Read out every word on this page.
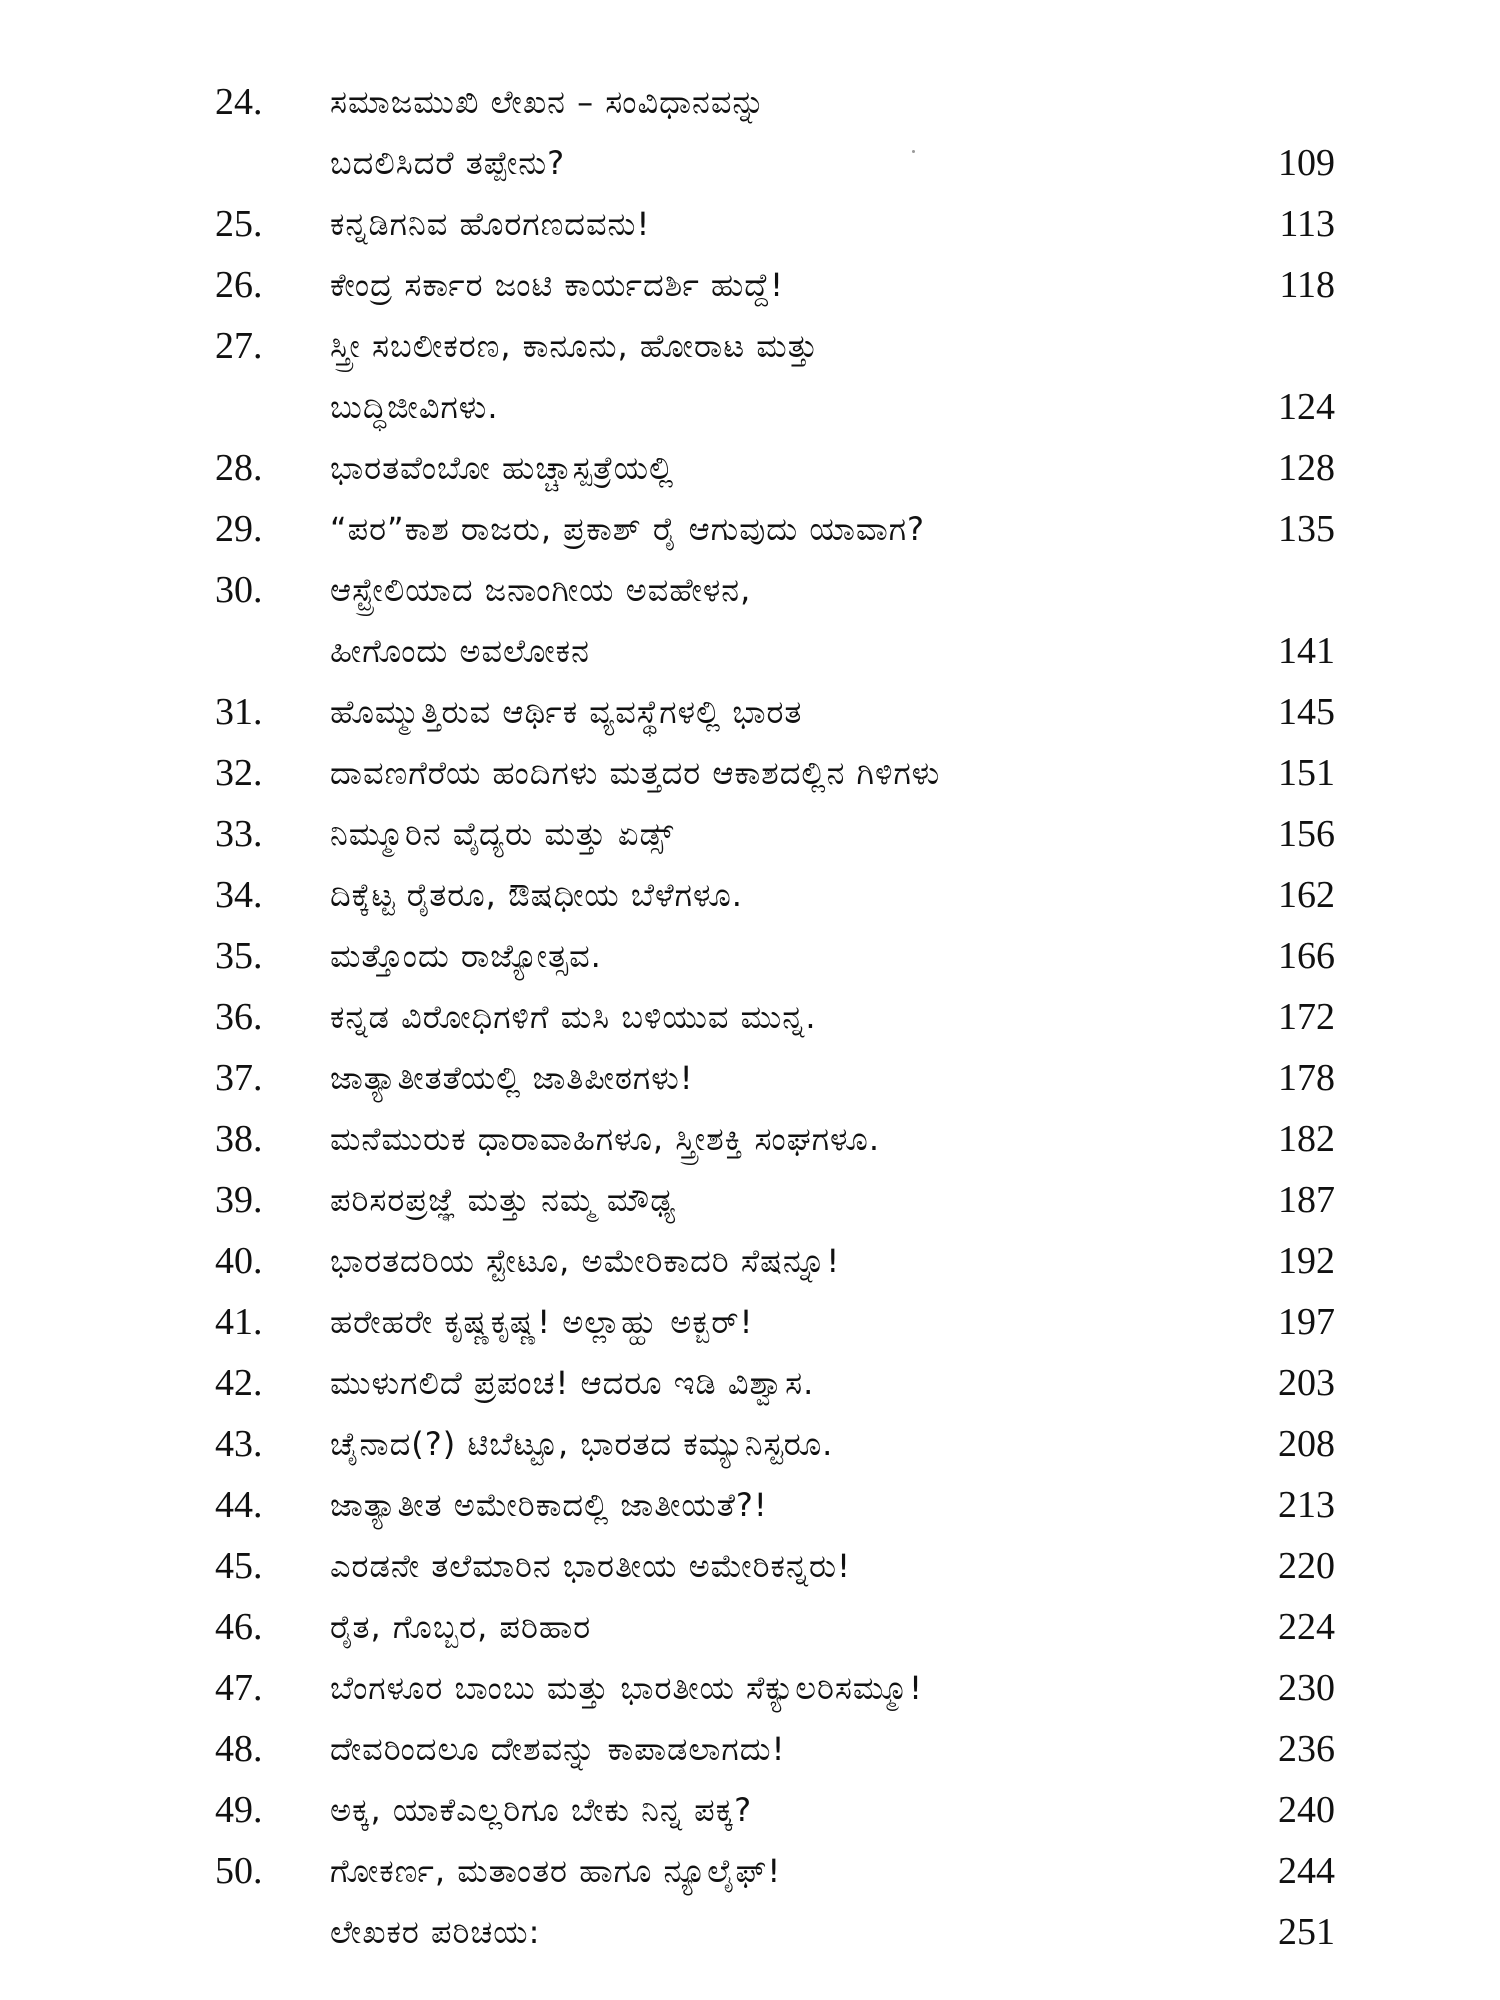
24.	ಸಮಾಜಮುಖಿ ಲೇಖನ – ಸಂವಿಧಾನವನ್ನು
ಬದಲಿಸಿದರೆ ತಪ್ಪೇನು?	109
25.	ಕನ್ನಡಿಗನಿವ ಹೊರಗಣದವನು!	113
26.	ಕೇಂದ್ರ ಸರ್ಕಾರ ಜಂಟಿ ಕಾರ್ಯದರ್ಶಿ ಹುದ್ದೆ!	118
27.	ಸ್ತ್ರೀ ಸಬಲೀಕರಣ, ಕಾನೂನು, ಹೋರಾಟ ಮತ್ತು
ಬುದ್ಧಿಜೀವಿಗಳು.	124
28.	ಭಾರತವೆಂಬೋ ಹುಚ್ಚಾಸ್ಪತ್ರೆಯಲ್ಲಿ	128
29.	“ಪರ”ಕಾಶ ರಾಜರು, ಪ್ರಕಾಶ್ ರೈ ಆಗುವುದು ಯಾವಾಗ?	135
30.	ಆಸ್ಟ್ರೇಲಿಯಾದ ಜನಾಂಗೀಯ ಅವಹೇಳನ,
ಹೀಗೊಂದು ಅವಲೋಕನ	141
31.	ಹೊಮ್ಮುತ್ತಿರುವ ಆರ್ಥಿಕ ವ್ಯವಸ್ಥೆಗಳಲ್ಲಿ ಭಾರತ	145
32.	ದಾವಣಗೆರೆಯ ಹಂದಿಗಳು ಮತ್ತದರ ಆಕಾಶದಲ್ಲಿನ ಗಿಳಿಗಳು	151
33.	ನಿಮ್ಮೂರಿನ ವೈದ್ಯರು ಮತ್ತು ಏಡ್ಸ್	156
34.	ದಿಕ್ಕೆಟ್ಟ ರೈತರೂ, ಔಷಧೀಯ ಬೆಳೆಗಳೂ.	162
35.	ಮತ್ತೊಂದು ರಾಜ್ಯೋತ್ಸವ.	166
36.	ಕನ್ನಡ ವಿರೋಧಿಗಳಿಗೆ ಮಸಿ ಬಳಿಯುವ ಮುನ್ನ.	172
37.	ಜಾತ್ಯಾತೀತತೆಯಲ್ಲಿ ಜಾತಿಪೀಠಗಳು!	178
38.	ಮನೆಮುರುಕ ಧಾರಾವಾಹಿಗಳೂ, ಸ್ತ್ರೀಶಕ್ತಿ ಸಂಘಗಳೂ.	182
39.	ಪರಿಸರಪ್ರಜ್ಞೆ ಮತ್ತು ನಮ್ಮ ಮೌಢ್ಯ	187
40.	ಭಾರತದರಿಯ ಸ್ಟೇಟೂ, ಅಮೇರಿಕಾದರಿ ಸೆಷನ್ನೂ!	192
41.	ಹರೇಹರೇ ಕೃಷ್ಣಕೃಷ್ಣ! ಅಲ್ಲಾಹ್ಹು ಅಕ್ಬರ್!	197
42.	ಮುಳುಗಲಿದೆ ಪ್ರಪಂಚ! ಆದರೂ ಇಡಿ ವಿಶ್ವಾಸ.	203
43.	ಚೈನಾದ(?) ಟಿಬೆಟ್ಟೂ, ಭಾರತದ ಕಮ್ಯುನಿಸ್ಟರೂ.	208
44.	ಜಾತ್ಯಾತೀತ ಅಮೇರಿಕಾದಲ್ಲಿ ಜಾತೀಯತೆ?!	213
45.	ಎರಡನೇ ತಲೆಮಾರಿನ ಭಾರತೀಯ ಅಮೇರಿಕನ್ನರು!	220
46.	ರೈತ, ಗೊಬ್ಬರ, ಪರಿಹಾರ	224
47.	ಬೆಂಗಳೂರ ಬಾಂಬು ಮತ್ತು ಭಾರತೀಯ ಸೆಕ್ಯುಲರಿಸಮ್ಮೂ!	230
48.	ದೇವರಿಂದಲೂ ದೇಶವನ್ನು ಕಾಪಾಡಲಾಗದು!	236
49.	ಅಕ್ಕ, ಯಾಕೆಎಲ್ಲರಿಗೂ ಬೇಕು ನಿನ್ನ ಪಕ್ಕ?	240
50.	ಗೋಕರ್ಣ, ಮತಾಂತರ ಹಾಗೂ ನ್ಯೂಲೈಫ್!	244
ಲೇಖಕರ ಪರಿಚಯ:	251
